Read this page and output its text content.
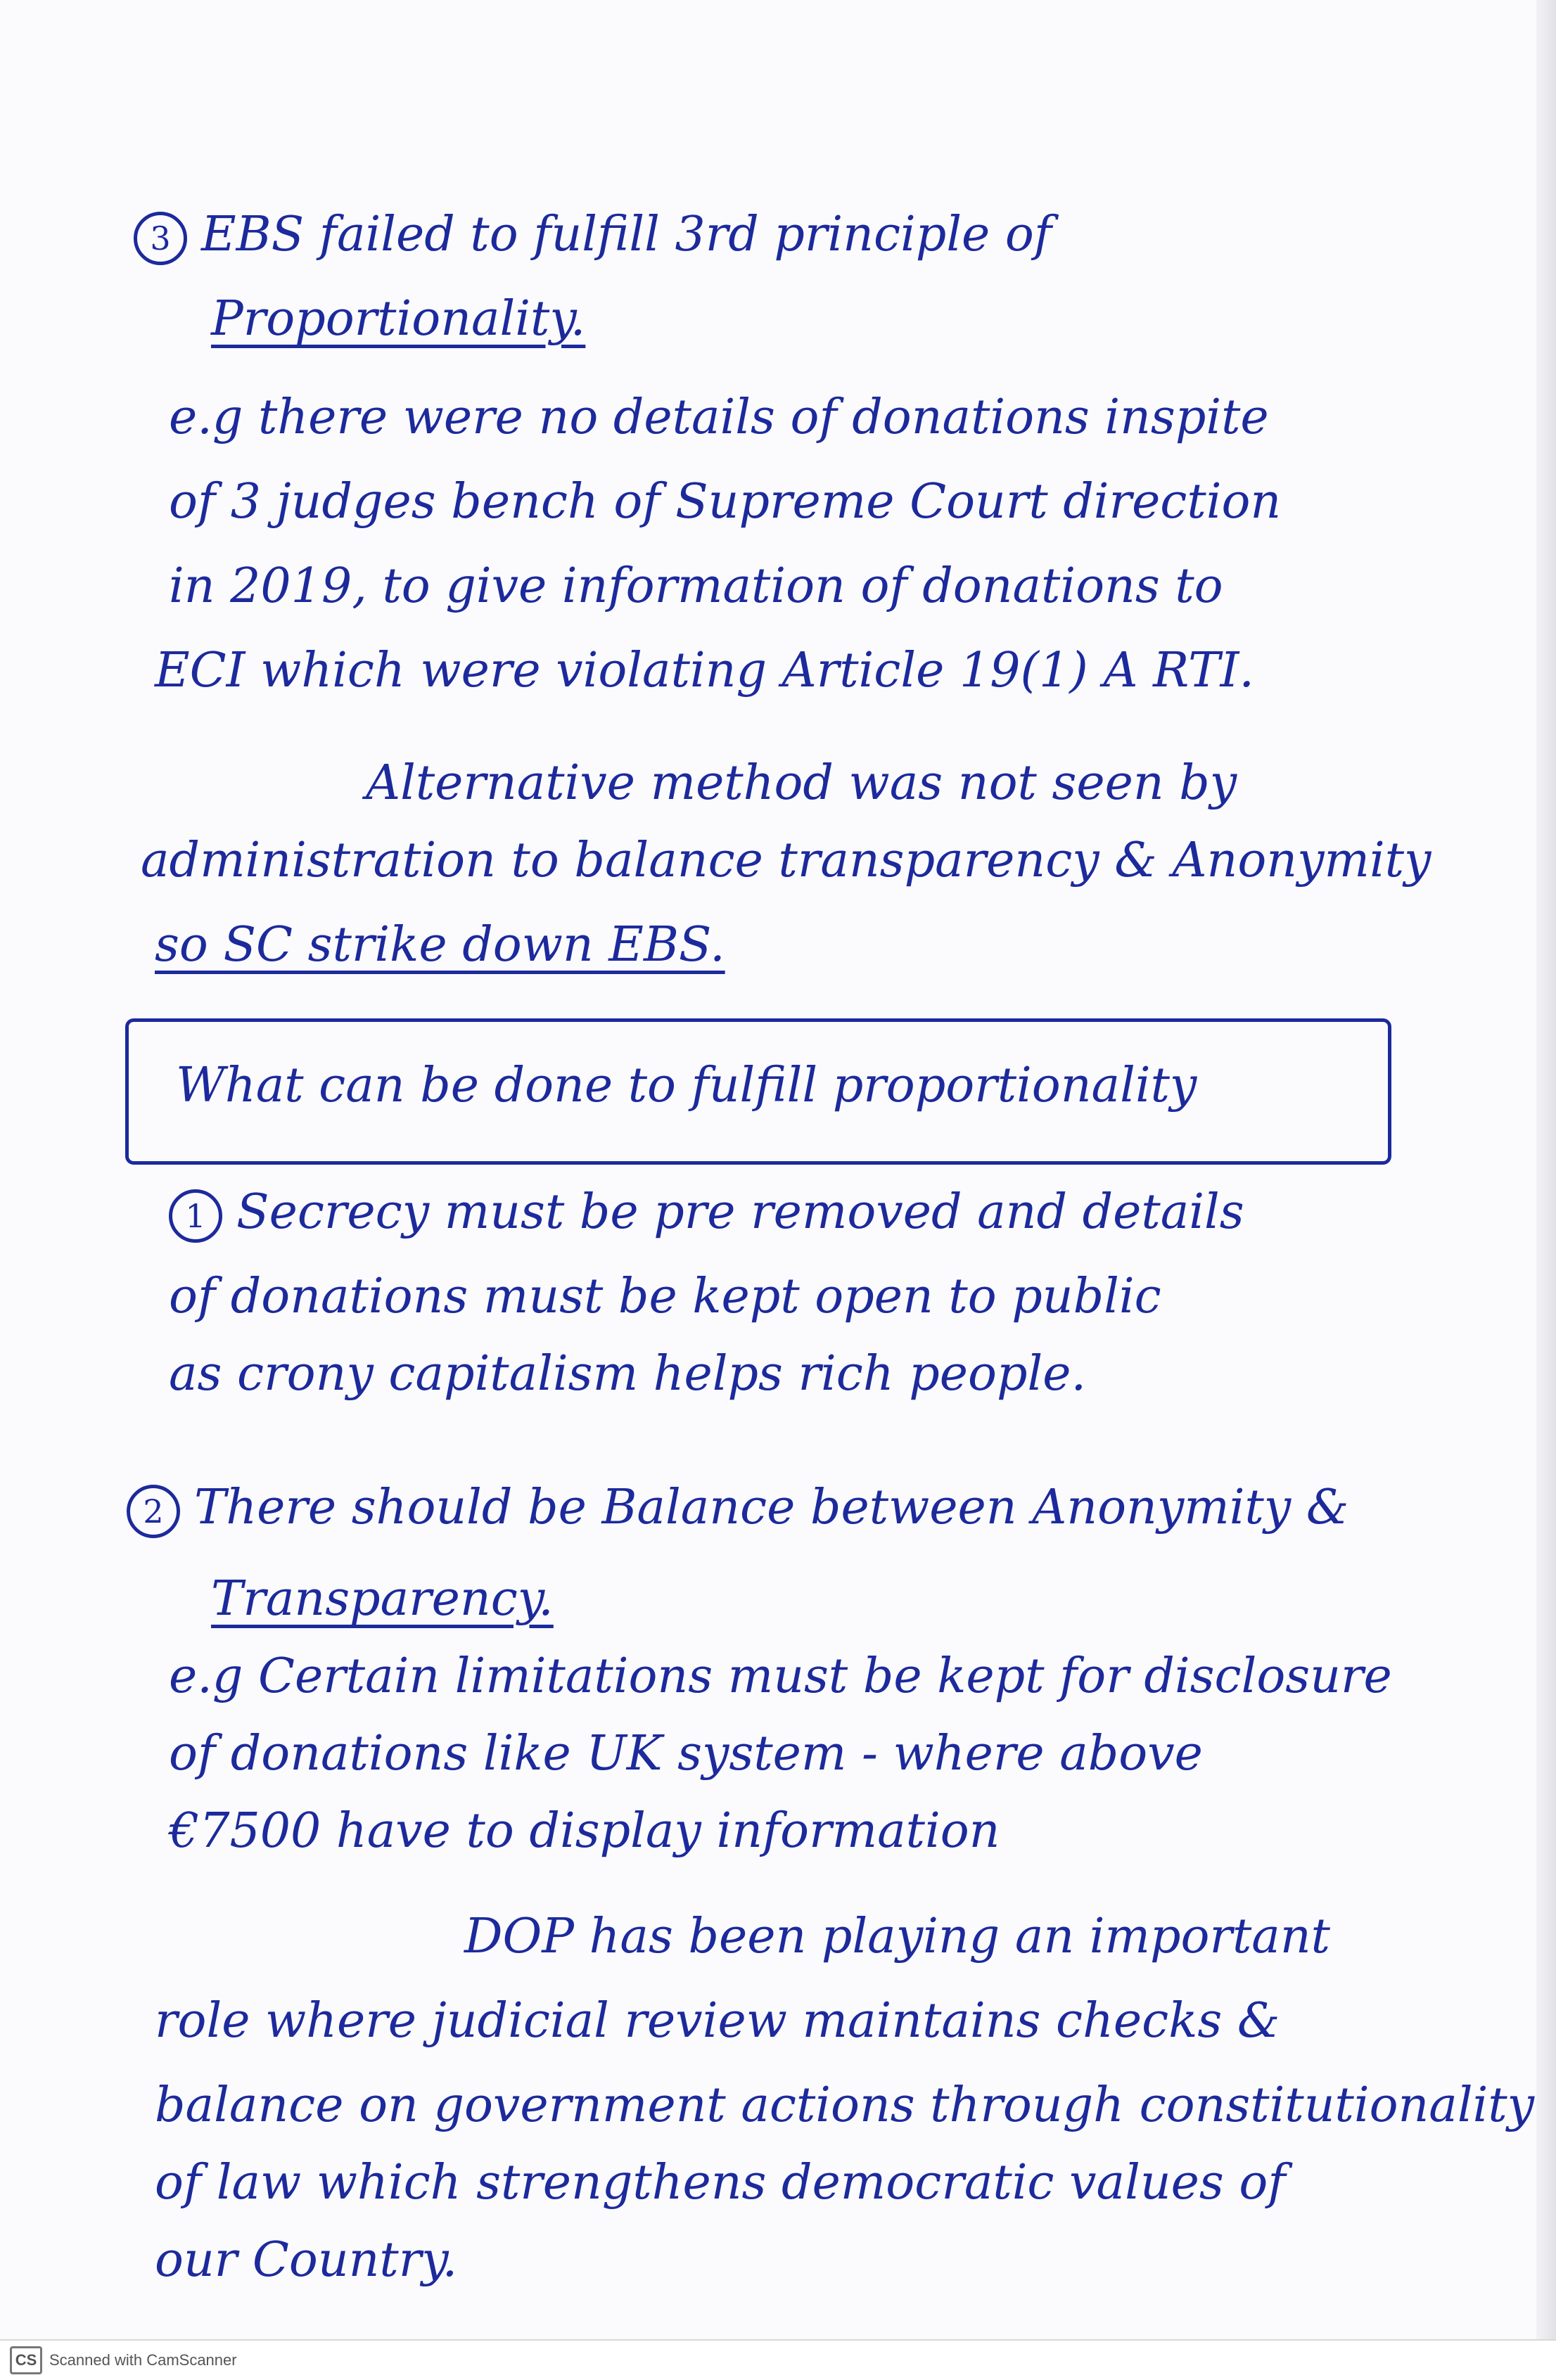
3 EBS failed to fulfill 3rd principle of
Proportionality.
e.g there were no details of donations inspite
of 3 judges bench of Supreme Court direction
in 2019, to give information of donations to
ECI which were violating Article 19(1) A RTI.
Alternative method was not seen by
administration to balance transparency & Anonymity
so SC strike down EBS.
What can be done to fulfill proportionality
1 Secrecy must be pre removed and details
of donations must be kept open to public
as crony capitalism helps rich people.
2 There should be Balance between Anonymity &
Transparency.
e.g Certain limitations must be kept for disclosure
of donations like UK system - where above
€7500 have to display information
DOP has been playing an important
role where judicial review maintains checks &
balance on government actions through constitutionality
of law which strengthens democratic values of
our Country.
CS Scanned with CamScanner
